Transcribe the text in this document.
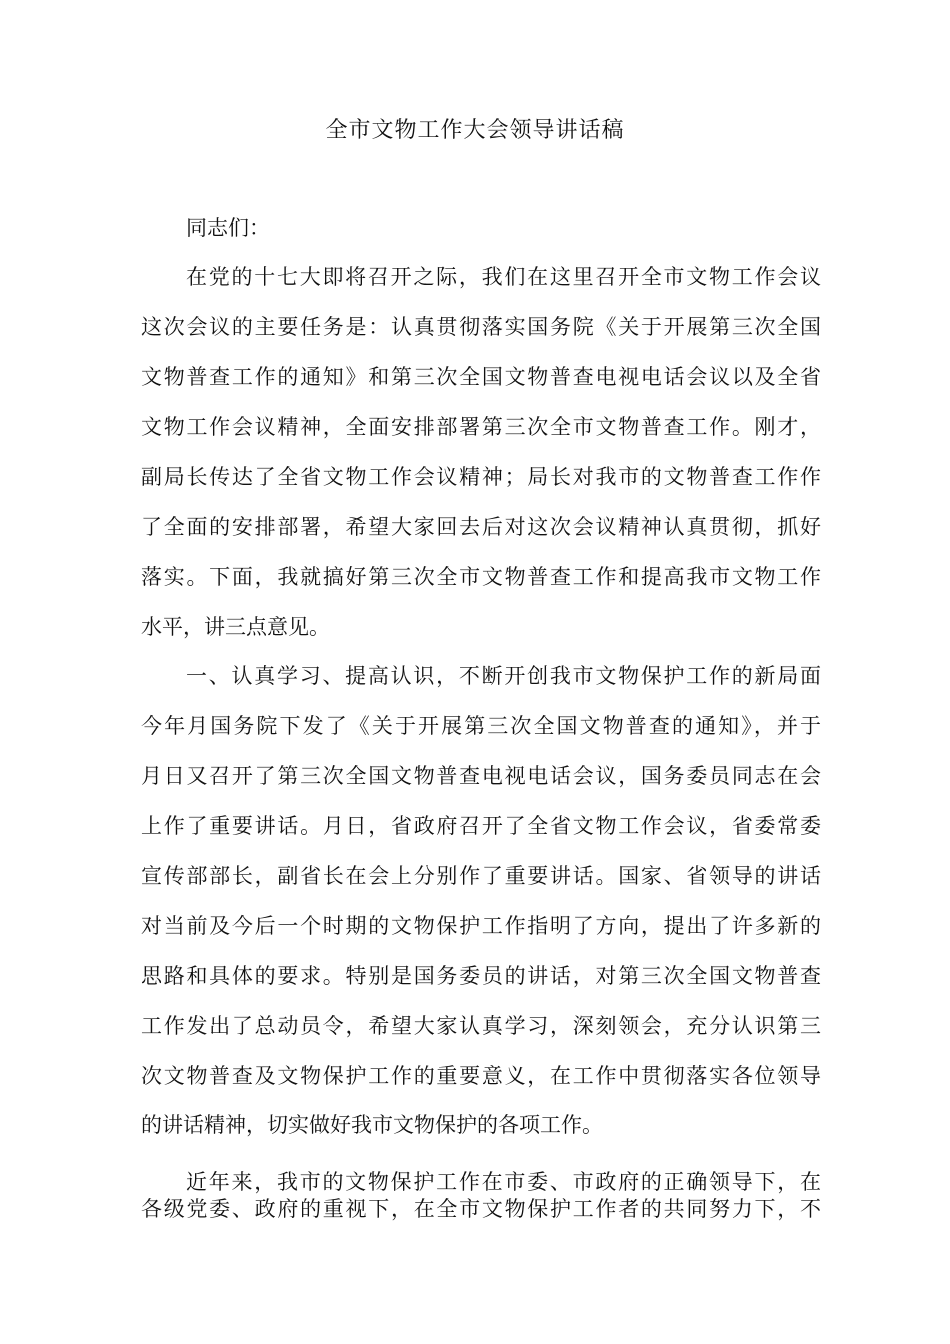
全市文物工作大会领导讲话稿
同志们：
在党的十七大即将召开之际，我们在这里召开全市文物工作会议
这次会议的主要任务是：认真贯彻落实国务院《关于开展第三次全国
文物普查工作的通知》和第三次全国文物普查电视电话会议以及全省
文物工作会议精神，全面安排部署第三次全市文物普查工作。刚才，
副局长传达了全省文物工作会议精神；局长对我市的文物普查工作作
了全面的安排部署，希望大家回去后对这次会议精神认真贯彻，抓好
落实。下面，我就搞好第三次全市文物普查工作和提高我市文物工作
水平，讲三点意见。
一、认真学习、提高认识，不断开创我市文物保护工作的新局面
今年月国务院下发了《关于开展第三次全国文物普查的通知》，并于
月日又召开了第三次全国文物普查电视电话会议，国务委员同志在会
上作了重要讲话。月日，省政府召开了全省文物工作会议，省委常委
宣传部部长，副省长在会上分别作了重要讲话。国家、省领导的讲话
对当前及今后一个时期的文物保护工作指明了方向，提出了许多新的
思路和具体的要求。特别是国务委员的讲话，对第三次全国文物普查
工作发出了总动员令，希望大家认真学习，深刻领会，充分认识第三
次文物普查及文物保护工作的重要意义，在工作中贯彻落实各位领导
的讲话精神，切实做好我市文物保护的各项工作。
近年来，我市的文物保护工作在市委、市政府的正确领导下，在
各级党委、政府的重视下，在全市文物保护工作者的共同努力下，不
